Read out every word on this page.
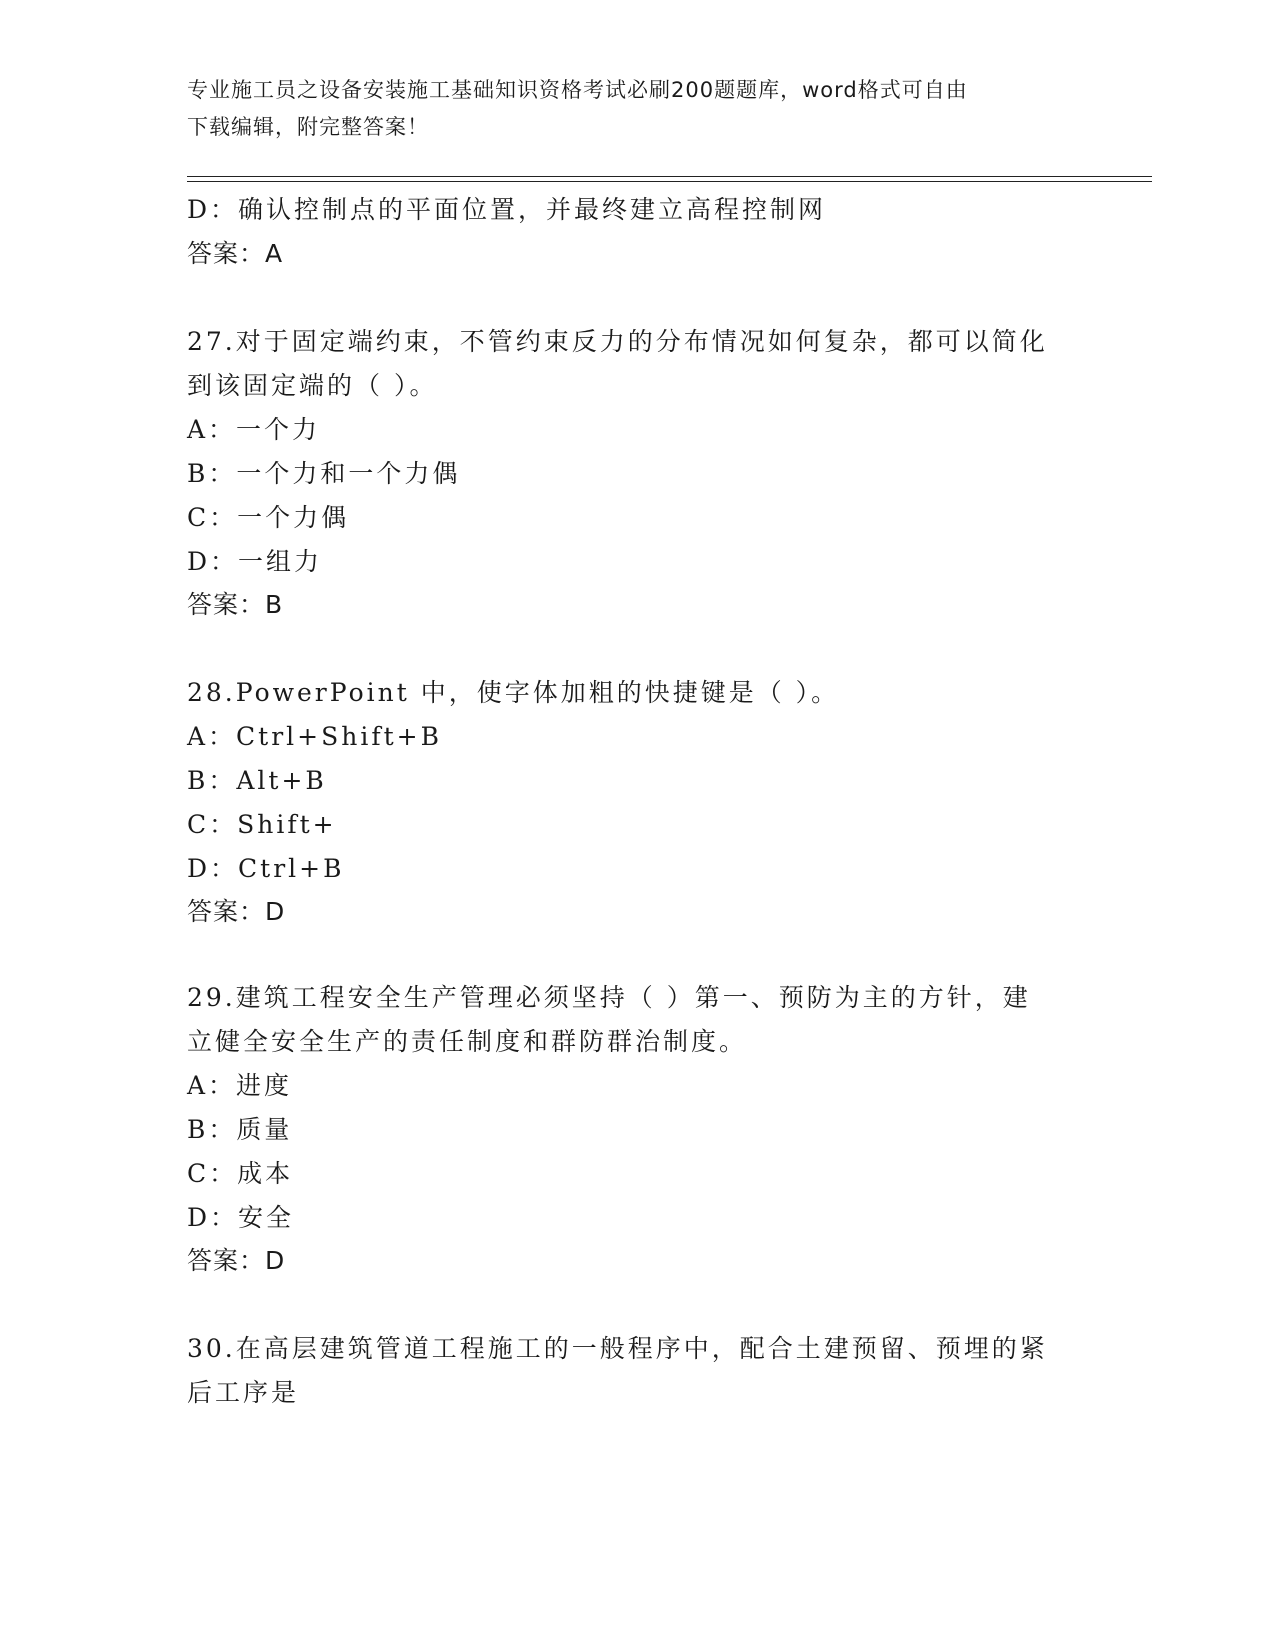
专业施工员之设备安装施工基础知识资格考试必刷200题题库，word格式可自由
下载编辑，附完整答案！
D：确认控制点的平面位置，并最终建立高程控制网
答案：A
27.对于固定端约束，不管约束反力的分布情况如何复杂，都可以简化
到该固定端的（ ）。
A：一个力
B：一个力和一个力偶
C：一个力偶
D：一组力
答案：B
28.PowerPoint 中，使字体加粗的快捷键是（ ）。
A：Ctrl+Shift+B
B：Alt+B
C：Shift+
D：Ctrl+B
答案：D
29.建筑工程安全生产管理必须坚持（ ）第一、预防为主的方针，建
立健全安全生产的责任制度和群防群治制度。
A：进度
B：质量
C：成本
D：安全
答案：D
30.在高层建筑管道工程施工的一般程序中，配合土建预留、预埋的紧
后工序是
